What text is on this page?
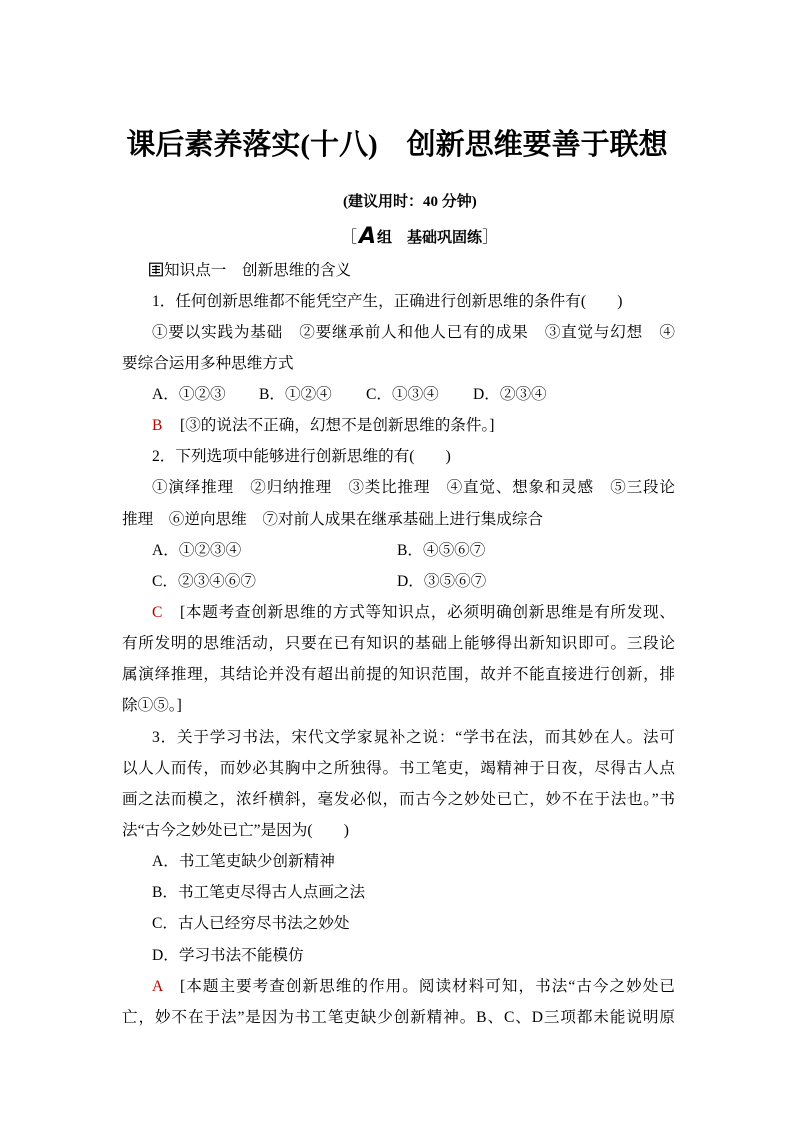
课后素养落实(十八)　创新思维要善于联想
(建议用时：40 分钟)
［A组　基础巩固练］
知识点一　创新思维的含义
1．任何创新思维都不能凭空产生，正确进行创新思维的条件有(　　)
①要以实践为基础　②要继承前人和他人已有的成果　③直觉与幻想　④
要综合运用多种思维方式
A．①②③ B．①②④ C．①③④ D．②③④
B [③的说法不正确，幻想不是创新思维的条件。]
2．下列选项中能够进行创新思维的有(　　)
①演绎推理　②归纳推理　③类比推理　④直觉、想象和灵感　⑤三段论
推理　⑥逆向思维　⑦对前人成果在继承基础上进行集成综合
A．①②③④	B．④⑤⑥⑦
C．②③④⑥⑦	D．③⑤⑥⑦
C [本题考查创新思维的方式等知识点，必须明确创新思维是有所发现、
有所发明的思维活动，只要在已有知识的基础上能够得出新知识即可。三段论
属演绎推理，其结论并没有超出前提的知识范围，故并不能直接进行创新，排
除①⑤。]
3．关于学习书法，宋代文学家晁补之说：“学书在法，而其妙在人。法可
以人人而传，而妙必其胸中之所独得。书工笔吏，竭精神于日夜，尽得古人点
画之法而模之，浓纤横斜，毫发必似，而古今之妙处已亡，妙不在于法也。”书
法“古今之妙处已亡”是因为(　　)
A．书工笔吏缺少创新精神
B．书工笔吏尽得古人点画之法
C．古人已经穷尽书法之妙处
D．学习书法不能模仿
A [本题主要考查创新思维的作用。阅读材料可知，书法“古今之妙处已
亡，妙不在于法”是因为书工笔吏缺少创新精神。B、C、D三项都未能说明原
